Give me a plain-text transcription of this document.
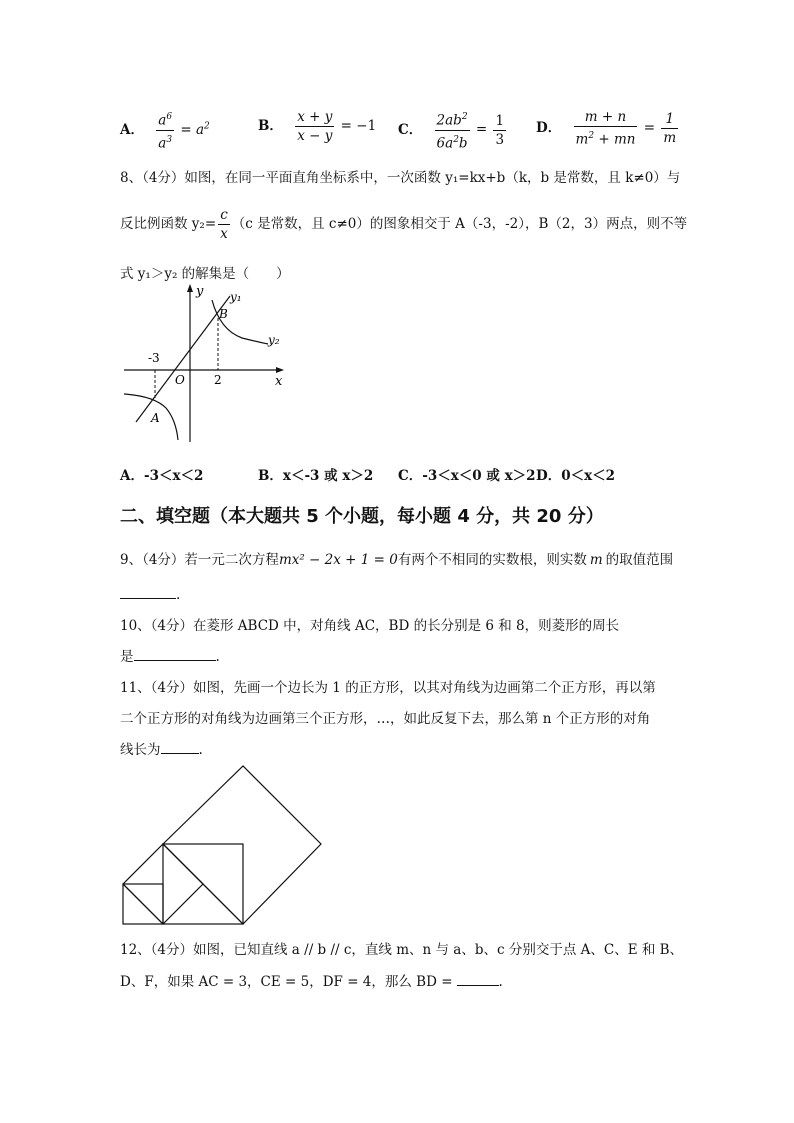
A． $\frac{a^6}{a^3} = a^2$	B． $\frac{x + y}{x - y} = -1$ C． $\frac{2ab^2}{6a^2b} = \frac{1}{3}$ D． $\frac{m + n}{m^2 + mn} = \frac{1}{m}$
8、（4分）如图，在同一平面直角坐标系中，一次函数 y₁=kx+b（k，b 是常数，且 k≠0）与
反比例函数 $y_2= \frac{c}{x} (c$ 是常数，且 c≠0）的图象相交于 A（-3，-2），B（2，3）两点，则不等
式 y₁＞y₂ 的解集是（　　）
y y₁
B
y₂
-3
O 2	x
A
A．-3＜x＜2	B．x＜-3 或 x＞2 C．-3＜x＜0 或 x＞2 D．0＜x＜2
二、填空题（本大题共 5 个小题，每小题 4 分，共 20 分）
9、（4分）若一元二次方程mx² − 2x + 1 = 0有两个不相同的实数根，则实数 m 的取值范围
.
10、（4分）在菱形 ABCD 中，对角线 AC，BD 的长分别是 6 和 8，则菱形的周长
是	.
11、（4分）如图，先画一个边长为 1 的正方形，以其对角线为边画第二个正方形，再以第
二个正方形的对角线为边画第三个正方形，…，如此反复下去，那么第 n 个正方形的对角
线长为	.
12、（4分）如图，已知直线 a // b // c，直线 m、n 与 a、b、c 分别交于点 A、C、E 和 B、
D、F，如果 AC = 3，CE = 5，DF = 4，那么 BD =	.
